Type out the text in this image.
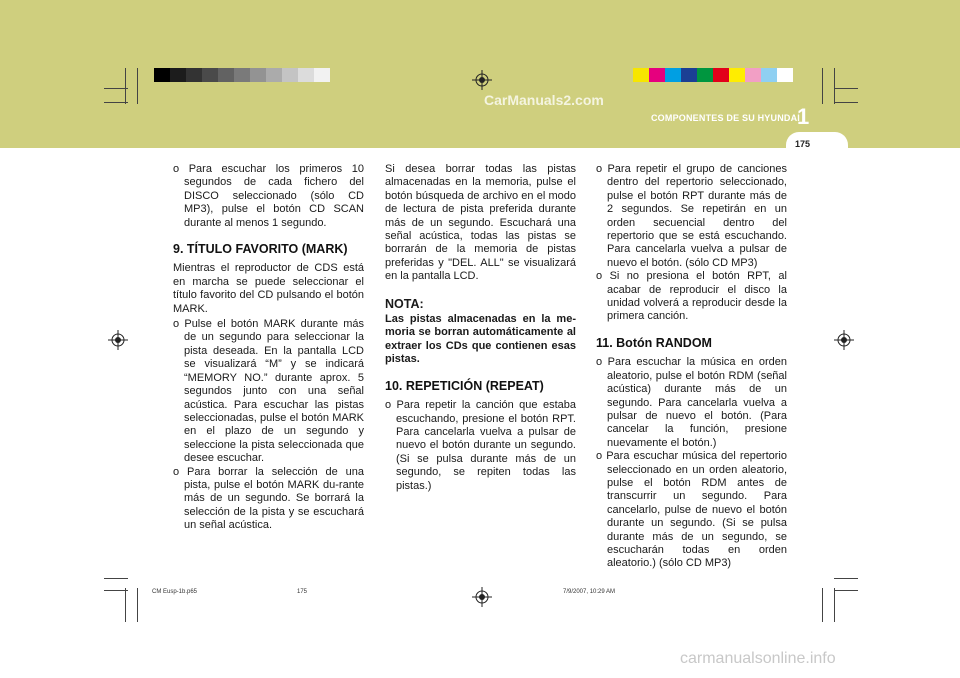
COMPONENTES DE SU HYUNDAI
1
175
CarManuals2.com

o Para escuchar los primeros 10 segundos de cada fichero del DISCO seleccionado (sólo CD MP3), pulse el botón CD SCAN durante al menos 1 segundo.

9. TÍTULO FAVORITO (MARK)

Mientras el reproductor de CDS está en marcha se puede seleccionar el título favorito del CD pulsando el botón MARK.

o Pulse el botón MARK durante más de un segundo para seleccionar la pista deseada. En la pantalla LCD se visualizará “M” y se indicará “MEMORY NO.” durante aprox. 5 segundos junto con una señal acústica. Para escuchar las pistas seleccionadas, pulse el botón MARK en el plazo de un segundo y seleccione la pista seleccionada que desee escuchar.

o Para borrar la selección de una pista, pulse el botón MARK du-rante más de un segundo. Se borrará la selección de la pista y se escuchará un señal acústica.

Si desea borrar todas las pistas almacenadas en la memoria, pulse el botón búsqueda de archivo en el modo de lectura de pista preferida durante más de un segundo. Escuchará una señal acústica, todas las pistas se borrarán de la memoria de pistas preferidas y "DEL. ALL" se visualizará en la pantalla LCD.

NOTA:

Las pistas almacenadas en la me-moria se borran automáticamente al extraer los CDs que contienen esas pistas.

10. REPETICIÓN (REPEAT)

o Para repetir la canción que estaba escuchando, presione el botón RPT. Para cancelarla vuelva a pulsar de nuevo el botón durante un segundo. (Si se pulsa durante más de un segundo, se repiten todas las pistas.)

o Para repetir el grupo de canciones dentro del repertorio seleccionado, pulse el botón RPT durante más de 2 segundos. Se repetirán en un orden secuencial dentro del repertorio que se está escuchando. Para cancelarla vuelva a pulsar de nuevo el botón. (sólo CD MP3)

o Si no presiona el botón RPT, al acabar de reproducir el disco la unidad volverá a reproducir desde la primera canción.

11. Botón RANDOM

o Para escuchar la música en orden aleatorio, pulse el botón RDM (señal acústica) durante más de un segundo. Para cancelarla vuelva a pulsar de nuevo el botón. (Para cancelar la función, presione nuevamente el botón.)

o Para escuchar música del repertorio seleccionado en un orden aleatorio, pulse el botón RDM antes de transcurrir un segundo. Para cancelarlo, pulse de nuevo el botón durante un segundo. (Si se pulsa durante más de un segundo, se escucharán todas en orden aleatorio.) (sólo CD MP3)

CM Eusp-1b.p65	175	7/9/2007, 10:29 AM
carmanualsonline.info
